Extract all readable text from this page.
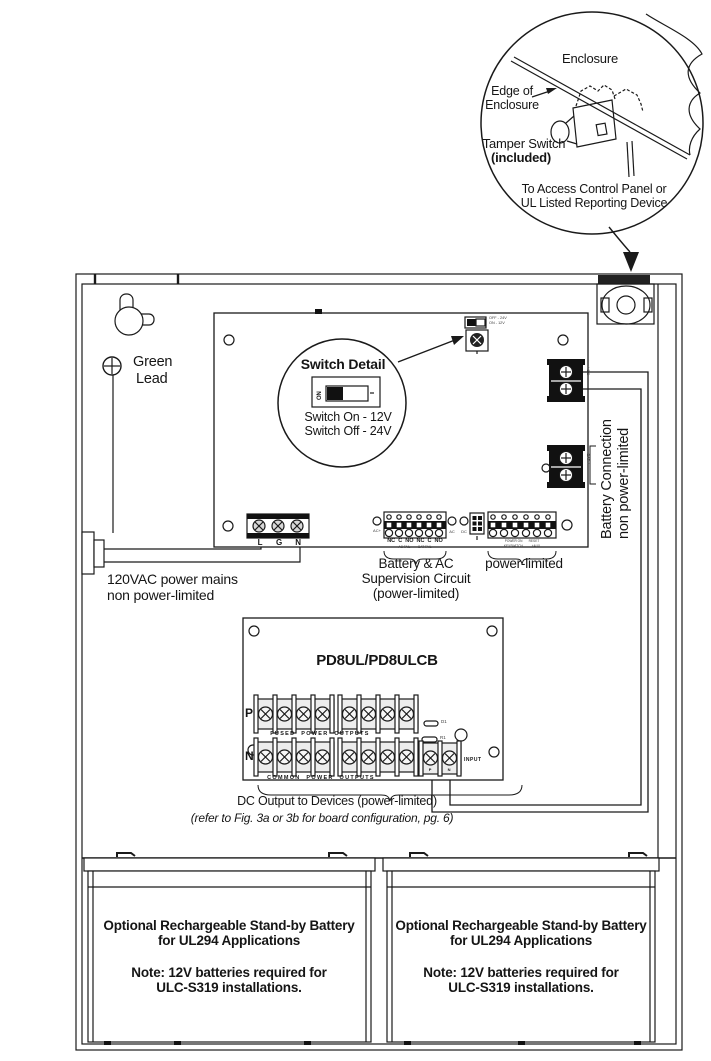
Enclosure
Edge of
Enclosure
Tamper Switch
(included)
To Access Control Panel or
UL Listed Reporting Device
Green
Lead
120VAC power mains
non power-limited
Battery Connection non power-limited
Switch Detail
ON
Switch On - 12V
Switch Off - 24V
OFF - 24V
ON - 12V
+ DC -
- BAT +
L G N	NC  C  NO  NC  C  NO
AC FAIL         BAT FAIL
AC+	AC DC
POWER ON       RESET
KEYSWITCH          +AUX
Battery & AC
Supervision Circuit
(power-limited)
power-limited
PD8UL/PD8ULCB
P
N
FUSED POWER OUTPUTS
COMMON POWER OUTPUTS
D1
R1
INPUT
P	N
DC Output to Devices (power-limited)
(refer to Fig. 3a or 3b for board configuration, pg. 6)
Optional Rechargeable Stand-by Battery
for UL294 Applications
Note: 12V batteries required for
ULC-S319 installations.
Optional Rechargeable Stand-by Battery
for UL294 Applications
Note: 12V batteries required for
ULC-S319 installations.
